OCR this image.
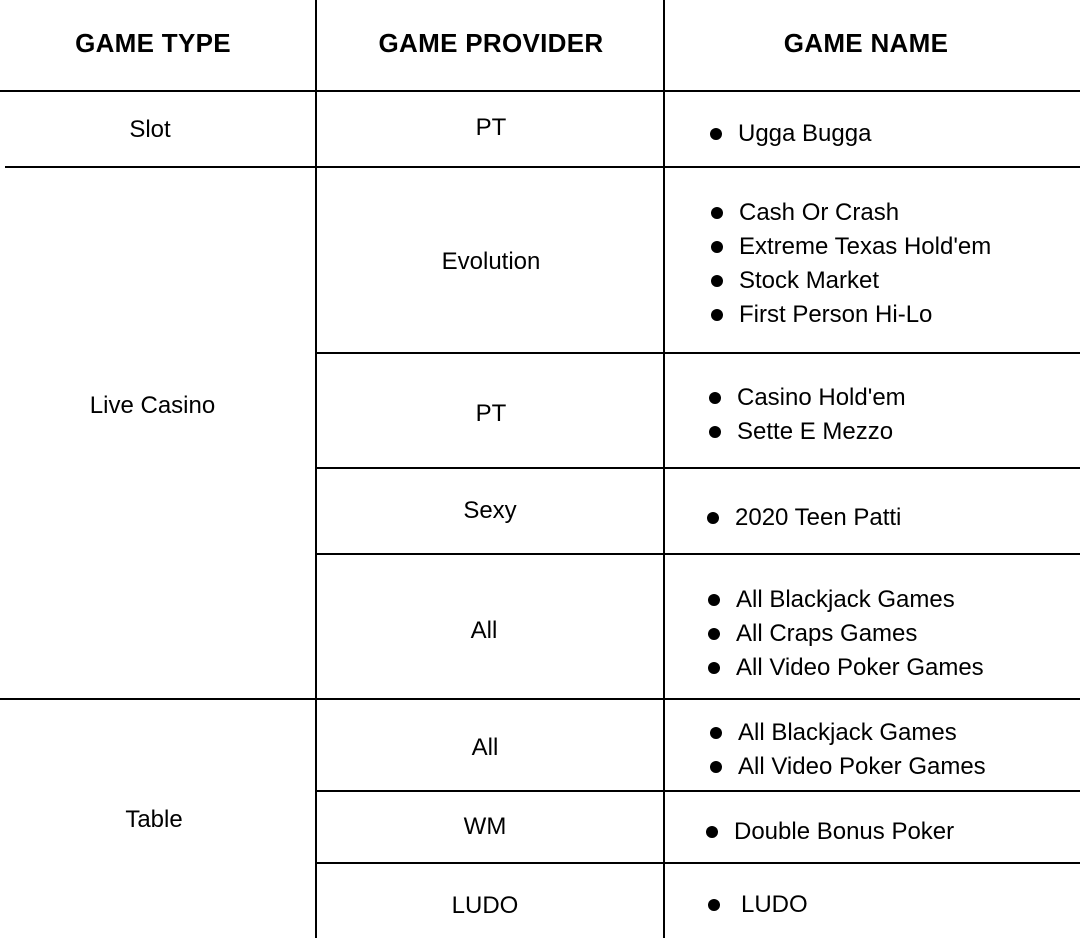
GAME TYPE	GAME PROVIDER	GAME NAME
Slot
Live Casino
Table
PT
Evolution
PT
Sexy
All
All
WM
LUDO
Ugga Bugga
Cash Or Crash
Extreme Texas Hold'em
Stock Market
First Person Hi-Lo
Casino Hold'em
Sette E Mezzo
2020 Teen Patti
All Blackjack Games
All Craps Games
All Video Poker Games
All Blackjack Games
All Video Poker Games
Double Bonus Poker
LUDO
